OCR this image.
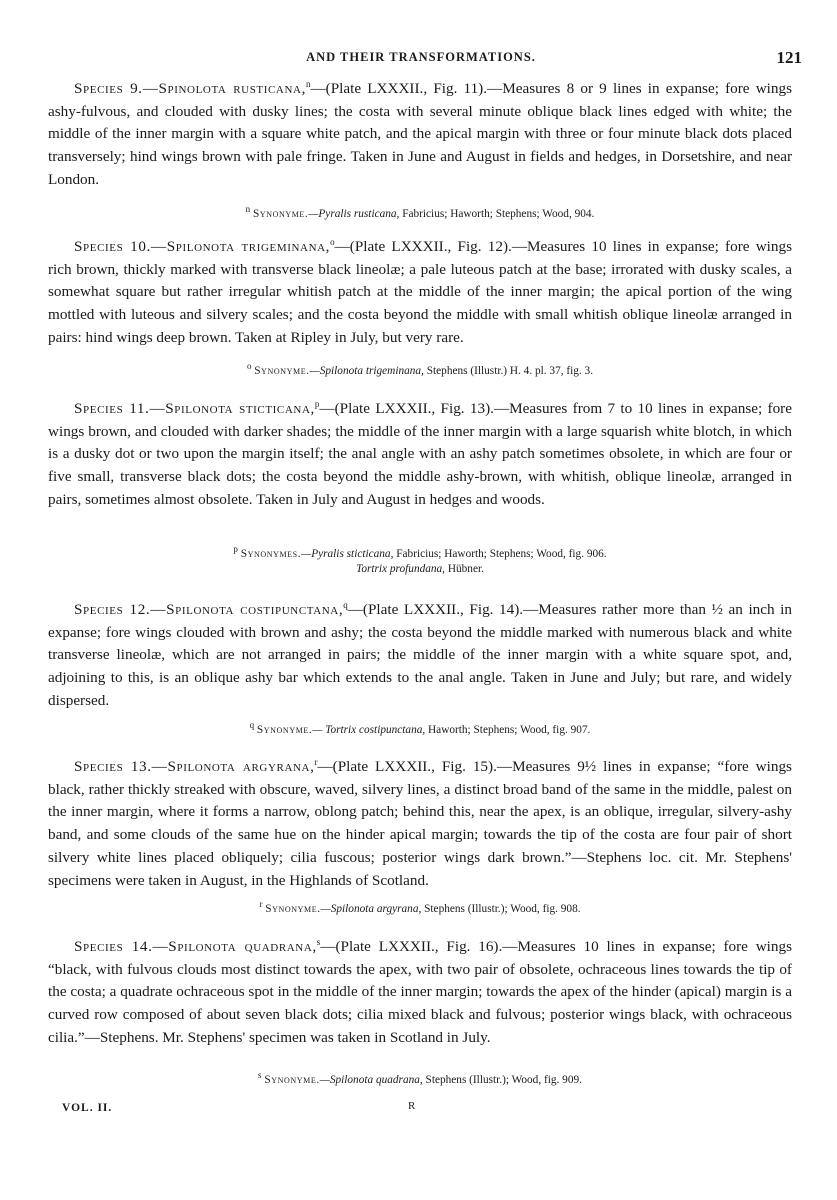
AND THEIR TRANSFORMATIONS.	121
Species 9.—Spinolota rusticana,$^n$—(Plate LXXXII., Fig. 11).—Measures 8 or 9 lines in expanse; fore wings ashy-fulvous, and clouded with dusky lines; the costa with several minute oblique black lines edged with white; the middle of the inner margin with a square white patch, and the apical margin with three or four minute black dots placed transversely; hind wings brown with pale fringe. Taken in June and August in fields and hedges, in Dorsetshire, and near London.
$^n$ Synonyme.—Pyralis rusticana, Fabricius; Haworth; Stephens; Wood, 904.
Species 10.—Spilonota trigeminana,$^o$—(Plate LXXXII., Fig. 12).—Measures 10 lines in expanse; fore wings rich brown, thickly marked with transverse black lineolæ; a pale luteous patch at the base; irrorated with dusky scales, a somewhat square but rather irregular whitish patch at the middle of the inner margin; the apical portion of the wing mottled with luteous and silvery scales; and the costa beyond the middle with small whitish oblique lineolæ arranged in pairs: hind wings deep brown. Taken at Ripley in July, but very rare.
$^o$ Synonyme.—Spilonota trigeminana, Stephens (Illustr.) H. 4. pl. 37, fig. 3.
Species 11.—Spilonota sticticana,$^p$—(Plate LXXXII., Fig. 13).—Measures from 7 to 10 lines in expanse; fore wings brown, and clouded with darker shades; the middle of the inner margin with a large squarish white blotch, in which is a dusky dot or two upon the margin itself; the anal angle with an ashy patch sometimes obsolete, in which are four or five small, transverse black dots; the costa beyond the middle ashy-brown, with whitish, oblique lineolæ, arranged in pairs, sometimes almost obsolete. Taken in July and August in hedges and woods.
$^p$ Synonymes.—Pyralis sticticana, Fabricius; Haworth; Stephens; Wood, fig. 906.
Tortrix profundana, Hübner.
Species 12.—Spilonota costipunctana,$^q$—(Plate LXXXII., Fig. 14).—Measures rather more than ½ an inch in expanse; fore wings clouded with brown and ashy; the costa beyond the middle marked with numerous black and white transverse lineolæ, which are not arranged in pairs; the middle of the inner margin with a white square spot, and, adjoining to this, is an oblique ashy bar which extends to the anal angle. Taken in June and July; but rare, and widely dispersed.
$^q$ Synonyme.— Tortrix costipunctana, Haworth; Stephens; Wood, fig. 907.
Species 13.—Spilonota argyrana,$^r$—(Plate LXXXII., Fig. 15).—Measures 9½ lines in expanse; “fore wings black, rather thickly streaked with obscure, waved, silvery lines, a distinct broad band of the same in the middle, palest on the inner margin, where it forms a narrow, oblong patch; behind this, near the apex, is an oblique, irregular, silvery-ashy band, and some clouds of the same hue on the hinder apical margin; towards the tip of the costa are four pair of short silvery white lines placed obliquely; cilia fuscous; posterior wings dark brown.”—Stephens loc. cit. Mr. Stephens' specimens were taken in August, in the Highlands of Scotland.
$^r$ Synonyme.—Spilonota argyrana, Stephens (Illustr.); Wood, fig. 908.
Species 14.—Spilonota quadrana,$^s$—(Plate LXXXII., Fig. 16).—Measures 10 lines in expanse; fore wings “black, with fulvous clouds most distinct towards the apex, with two pair of obsolete, ochraceous lines towards the tip of the costa; a quadrate ochraceous spot in the middle of the inner margin; towards the apex of the hinder (apical) margin is a curved row composed of about seven black dots; cilia mixed black and fulvous; posterior wings black, with ochraceous cilia.”—Stephens. Mr. Stephens' specimen was taken in Scotland in July.
$^s$ Synonyme.—Spilonota quadrana, Stephens (Illustr.); Wood, fig. 909.
VOL. II.	R
